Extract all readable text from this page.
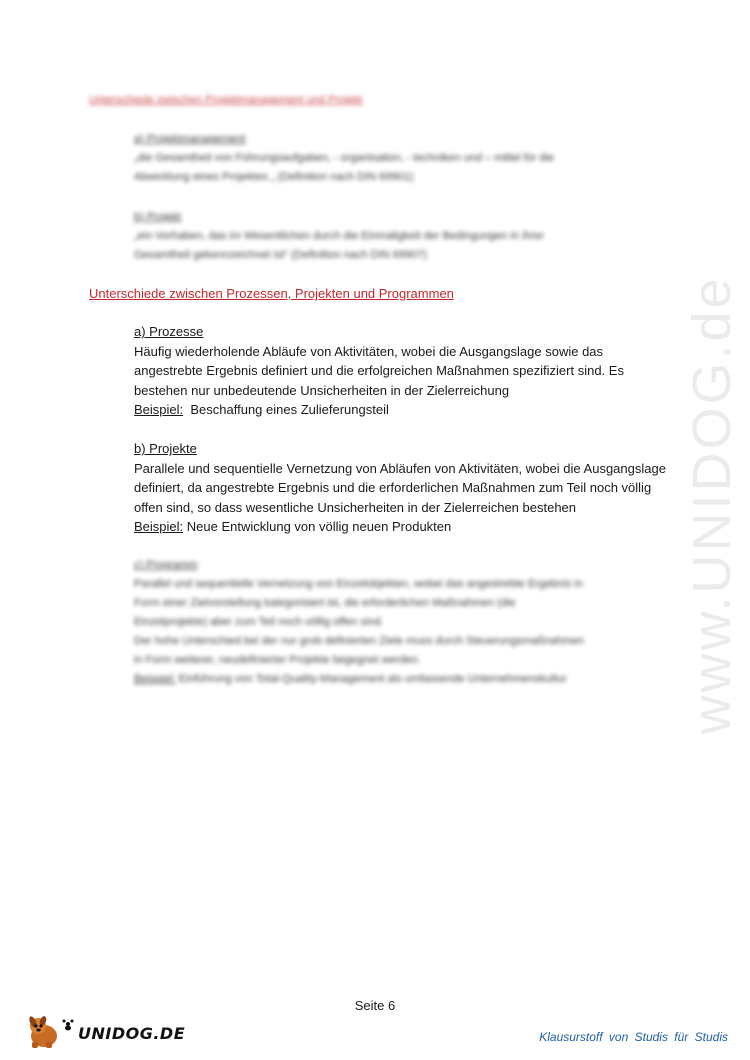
www.UNIDOG.de
Unterschiede zwischen Projektmanagement und Projekt

a) Projektmanagement

„die Gesamtheit von Führungsaufgaben, - organisation, - techniken und – mittel für die

Abwicklung eines Projektes „ (Definition nach DIN 69901)

b) Projekt

„ein Vorhaben, das im Wesentlichen durch die Einmaligkeit der Bedingungen in ihrer

Gesamtheit gekennzeichnet ist“ (Definition nach DIN 69907)

Unterschiede zwischen Prozessen, Projekten und Programmen

a) Prozesse

Häufig wiederholende Abläufe von Aktivitäten, wobei die Ausgangslage sowie das

angestrebte Ergebnis definiert und die erfolgreichen Maßnahmen spezifiziert sind. Es

bestehen nur unbedeutende Unsicherheiten in der Zielerreichung

Beispiel:  Beschaffung eines Zulieferungsteil

b) Projekte

Parallele und sequentielle Vernetzung von Abläufen von Aktivitäten, wobei die Ausgangslage

definiert, da angestrebte Ergebnis und die erforderlichen Maßnahmen zum Teil noch völlig

offen sind, so dass wesentliche Unsicherheiten in der Zielerreichen bestehen

Beispiel: Neue Entwicklung von völlig neuen Produkten

c) Programm

Parallel und sequentielle Vernetzung von Einzelobjekten, wobei das angestrebte Ergebnis in

Form einer Zielvorstellung kategorisiert ist, die erforderlichen Maßnahmen (die

Einzelprojekte) aber zum Teil noch völlig offen sind.

Der hohe Unterschied bei der nur grob definierten Ziele muss durch Steuerungsmaßnahmen

in Form weiterer, neudefinierter Projekte begegnet werden.

Beispiel: Einführung von Total-Quality-Management als umfassende Unternehmenskultur

Seite 6
UNIDOG.DE	Klausurstoff von Studis für Studis
